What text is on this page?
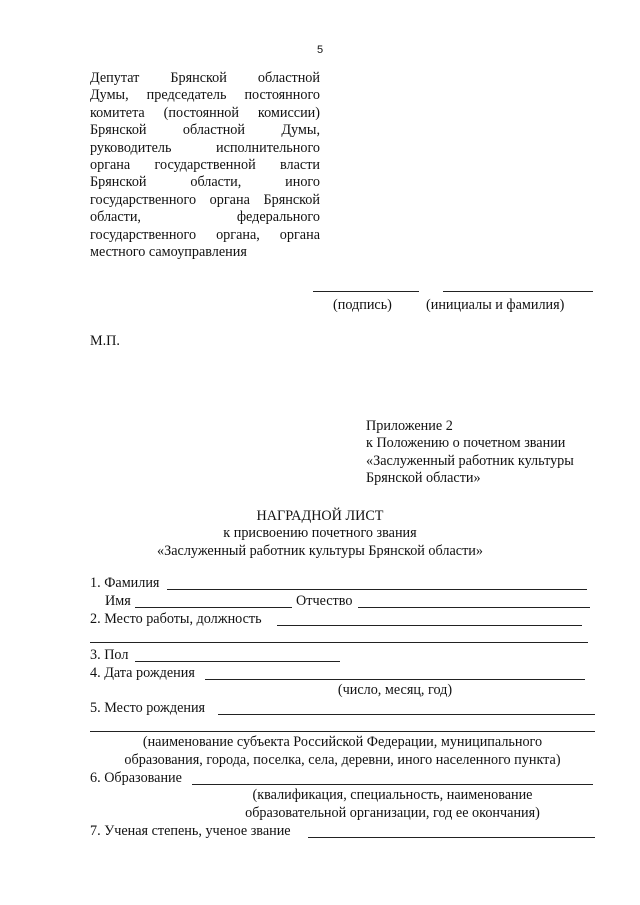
5
Депутат Брянской областной
Думы, председатель постоянного
комитета (постоянной комиссии)
Брянской областной Думы,
руководитель исполнительного
органа государственной власти
Брянской области, иного
государственного органа Брянской
области, федерального
государственного органа, органа
местного самоуправления
(подпись) (инициалы и фамилия)
М.П.
Приложение 2
к Положению о почетном звании
«Заслуженный работник культуры
Брянской области»
НАГРАДНОЙ ЛИСТ
к присвоению почетного звания
«Заслуженный работник культуры Брянской области»
1. Фамилия
Имя	Отчество
2. Место работы, должность
3. Пол
4. Дата рождения
(число, месяц, год)
5. Место рождения
(наименование субъекта Российской Федерации, муниципального
образования, города, поселка, села, деревни, иного населенного пункта)
6. Образование
(квалификация, специальность, наименование
образовательной организации, год ее окончания)
7. Ученая степень, ученое звание
